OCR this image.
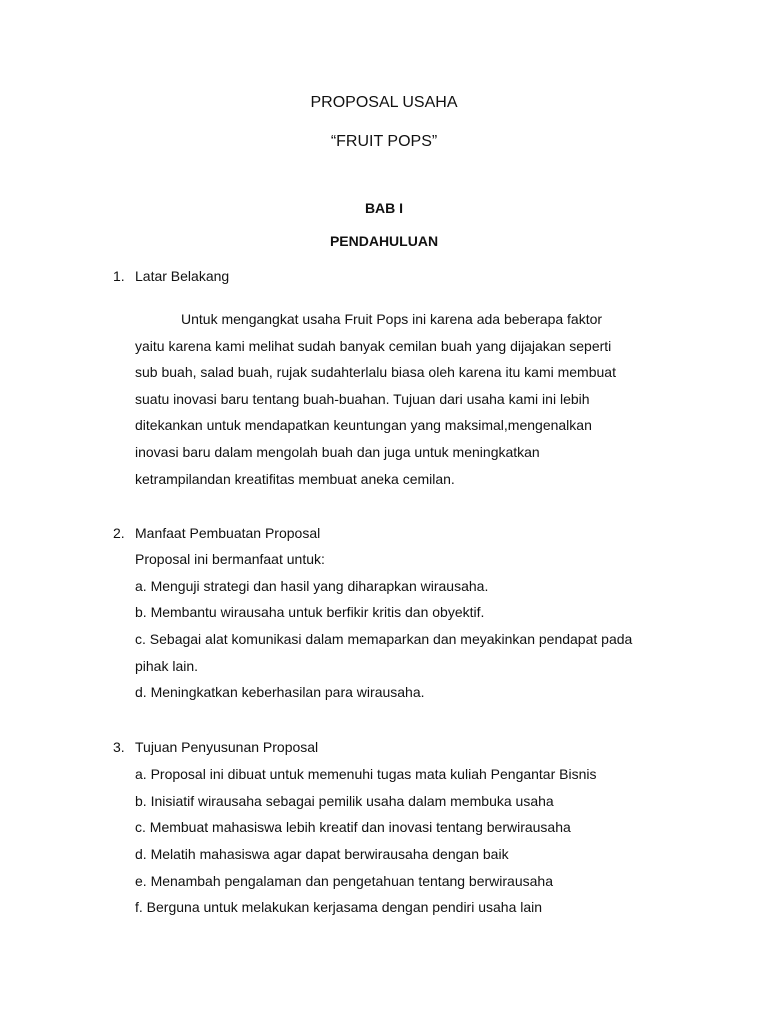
PROPOSAL USAHA
“FRUIT POPS”
BAB I
PENDAHULUAN
1. Latar Belakang
Untuk mengangkat usaha Fruit Pops ini karena ada beberapa faktor
yaitu karena kami melihat sudah banyak cemilan buah yang dijajakan seperti
sub buah, salad buah, rujak sudahterlalu biasa oleh karena itu kami membuat
suatu inovasi baru tentang buah-buahan. Tujuan dari usaha kami ini lebih
ditekankan untuk mendapatkan keuntungan yang maksimal,mengenalkan
inovasi baru dalam mengolah buah dan juga untuk meningkatkan
ketrampilandan kreatifitas membuat aneka cemilan.
2. Manfaat Pembuatan Proposal
Proposal ini bermanfaat untuk:
a. Menguji strategi dan hasil yang diharapkan wirausaha.
b. Membantu wirausaha untuk berfikir kritis dan obyektif.
c. Sebagai alat komunikasi dalam memaparkan dan meyakinkan pendapat pada
pihak lain.
d. Meningkatkan keberhasilan para wirausaha.
3. Tujuan Penyusunan Proposal
a. Proposal ini dibuat untuk memenuhi tugas mata kuliah Pengantar Bisnis
b. Inisiatif wirausaha sebagai pemilik usaha dalam membuka usaha
c. Membuat mahasiswa lebih kreatif dan inovasi tentang berwirausaha
d. Melatih mahasiswa agar dapat berwirausaha dengan baik
e. Menambah pengalaman dan pengetahuan tentang berwirausaha
f. Berguna untuk melakukan kerjasama dengan pendiri usaha lain
